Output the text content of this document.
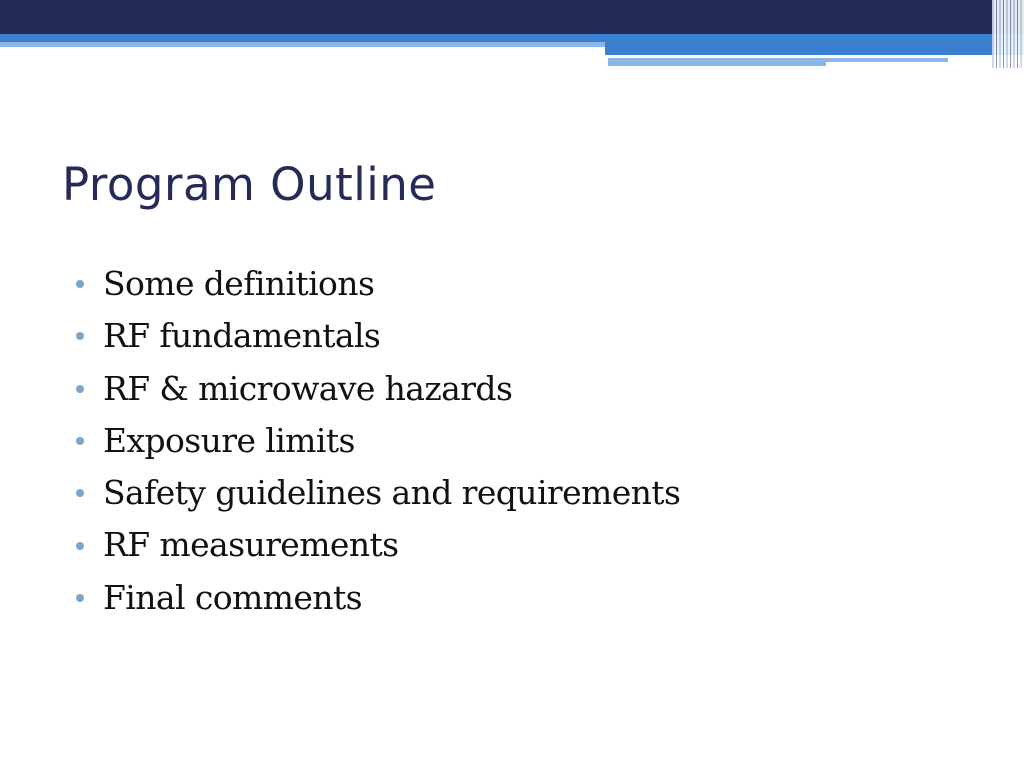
Program Outline
Some definitions
RF fundamentals
RF & microwave hazards
Exposure limits
Safety guidelines and requirements
RF measurements
Final comments
